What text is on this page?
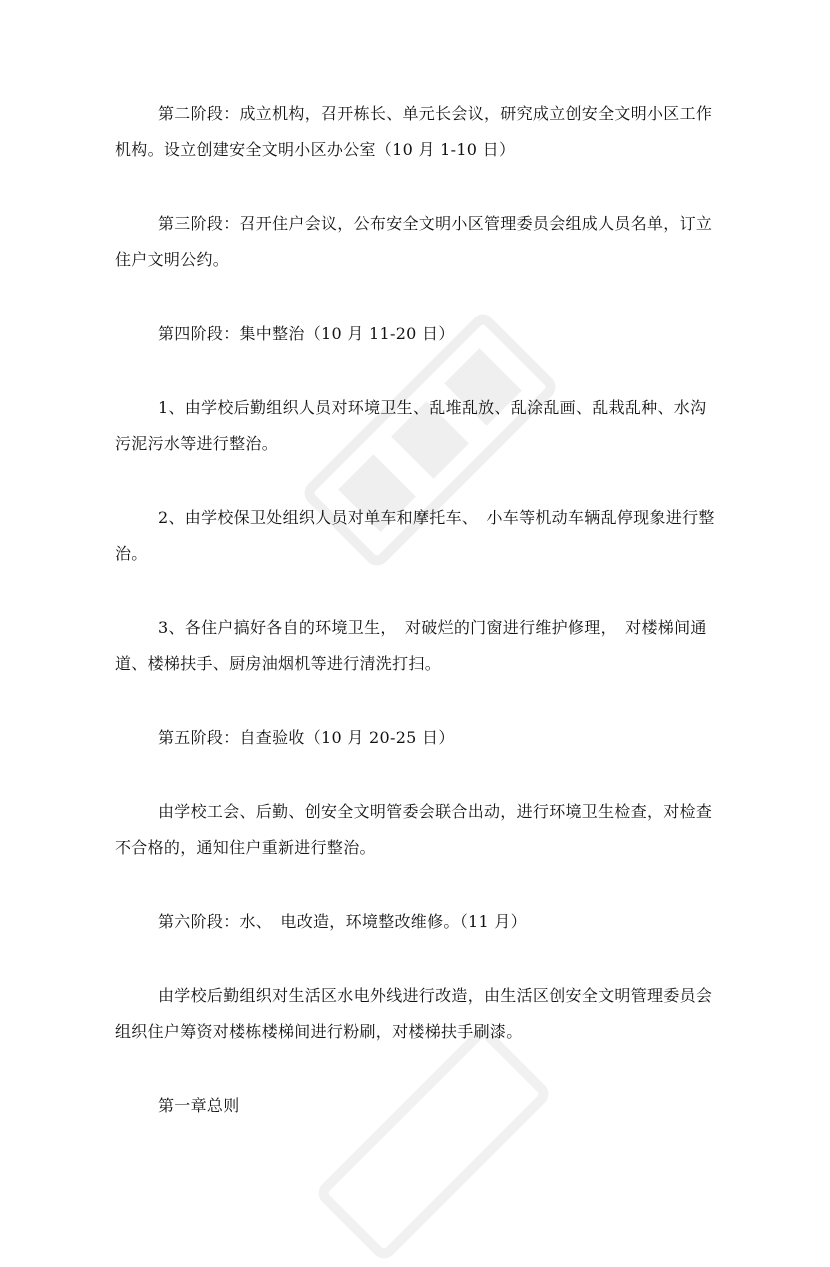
第二阶段：成立机构，召开栋长、单元长会议，研究成立创安全文明小区工作机构。设立创建安全文明小区办公室（10 月 1-10 日）

第三阶段：召开住户会议，公布安全文明小区管理委员会组成人员名单，订立住户文明公约。

第四阶段：集中整治（10 月 11-20 日）

1、由学校后勤组织人员对环境卫生、乱堆乱放、乱涂乱画、乱栽乱种、水沟污泥污水等进行整治。

2、由学校保卫处组织人员对单车和摩托车、　小车等机动车辆乱停现象进行整治。

3、各住户搞好各自的环境卫生，　对破烂的门窗进行维护修理，　对楼梯间通道、楼梯扶手、厨房油烟机等进行清洗打扫。

第五阶段：自查验收（10 月 20-25 日）

由学校工会、后勤、创安全文明管委会联合出动，进行环境卫生检查，对检查不合格的，通知住户重新进行整治。

第六阶段：水、　电改造，环境整改维修。（11 月）

由学校后勤组织对生活区水电外线进行改造，由生活区创安全文明管理委员会组织住户筹资对楼栋楼梯间进行粉刷，对楼梯扶手刷漆。

第一章总则
